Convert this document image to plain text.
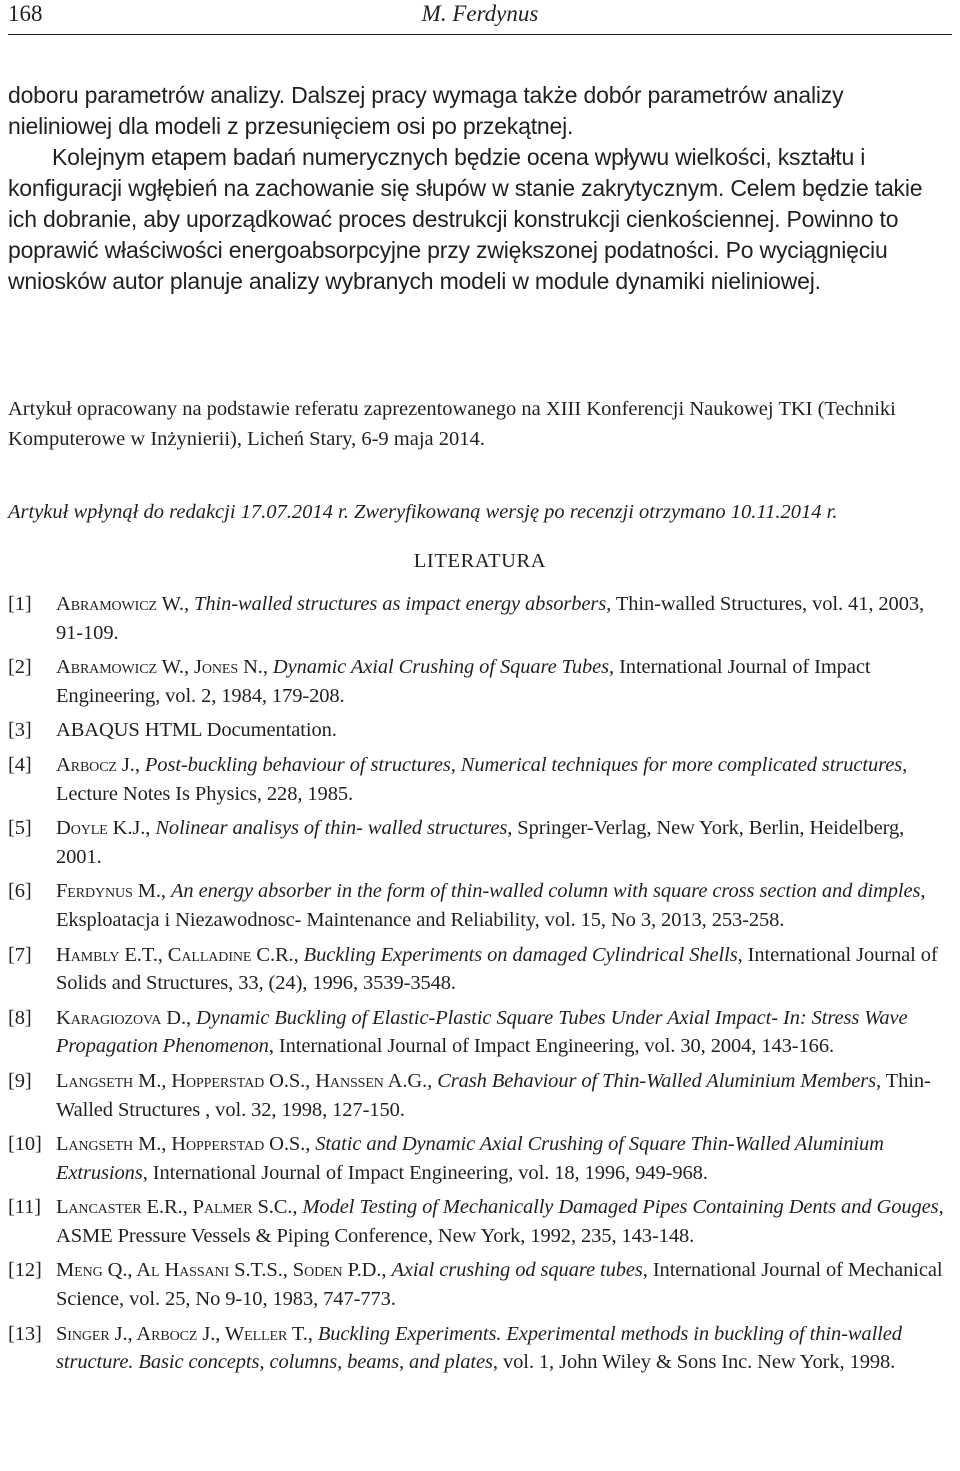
168	M. Ferdynus

doboru parametrów analizy. Dalszej pracy wymaga także dobór parametrów analizy nieliniowej dla modeli z przesunięciem osi po przekątnej.

Kolejnym etapem badań numerycznych będzie ocena wpływu wielkości, kształtu i konfiguracji wgłębień na zachowanie się słupów w stanie zakrytycznym. Celem będzie takie ich dobranie, aby uporządkować proces destrukcji konstrukcji cienkościennej. Powinno to poprawić właściwości energoabsorpcyjne przy zwiększonej podatności. Po wyciągnięciu wniosków autor planuje analizy wybranych modeli w module dynamiki nieliniowej.

Artykuł opracowany na podstawie referatu zaprezentowanego na XIII Konferencji Naukowej TKI (Techniki Komputerowe w Inżynierii), Licheń Stary, 6-9 maja 2014.

Artykuł wpłynął do redakcji 17.07.2014 r. Zweryfikowaną wersję po recenzji otrzymano 10.11.2014 r.
LITERATURA
[1] Abramowicz W., Thin-walled structures as impact energy absorbers, Thin-walled Structures, vol. 41, 2003, 91-109.
[2] Abramowicz W., Jones N., Dynamic Axial Crushing of Square Tubes, International Journal of Impact Engineering, vol. 2, 1984, 179-208.
[3] ABAQUS HTML Documentation.
[4] Arbocz J., Post-buckling behaviour of structures, Numerical techniques for more complicated structures, Lecture Notes Is Physics, 228, 1985.
[5] Doyle K.J., Nolinear analisys of thin- walled structures, Springer-Verlag, New York, Berlin, Heidelberg, 2001.
[6] Ferdynus M., An energy absorber in the form of thin-walled column with square cross section and dimples, Eksploatacja i Niezawodnosc- Maintenance and Reliability, vol. 15, No 3, 2013, 253-258.
[7] Hambly E.T., Calladine C.R., Buckling Experiments on damaged Cylindrical Shells, International Journal of Solids and Structures, 33, (24), 1996, 3539-3548.
[8] Karagiozova D., Dynamic Buckling of Elastic-Plastic Square Tubes Under Axial Impact- In: Stress Wave Propagation Phenomenon, International Journal of Impact Engineering, vol. 30, 2004, 143-166.
[9] Langseth M., Hopperstad O.S., Hanssen A.G., Crash Behaviour of Thin-Walled Aluminium Members, Thin-Walled Structures , vol. 32, 1998, 127-150.
[10] Langseth M., Hopperstad O.S., Static and Dynamic Axial Crushing of Square Thin-Walled Aluminium Extrusions, International Journal of Impact Engineering, vol. 18, 1996, 949-968.
[11] Lancaster E.R., Palmer S.C., Model Testing of Mechanically Damaged Pipes Containing Dents and Gouges, ASME Pressure Vessels & Piping Conference, New York, 1992, 235, 143-148.
[12] Meng Q., Al Hassani S.T.S., Soden P.D., Axial crushing od square tubes, International Journal of Mechanical Science, vol. 25, No 9-10, 1983, 747-773.
[13] Singer J., Arbocz J., Weller T., Buckling Experiments. Experimental methods in buckling of thin-walled structure. Basic concepts, columns, beams, and plates, vol. 1, John Wiley & Sons Inc. New York, 1998.
